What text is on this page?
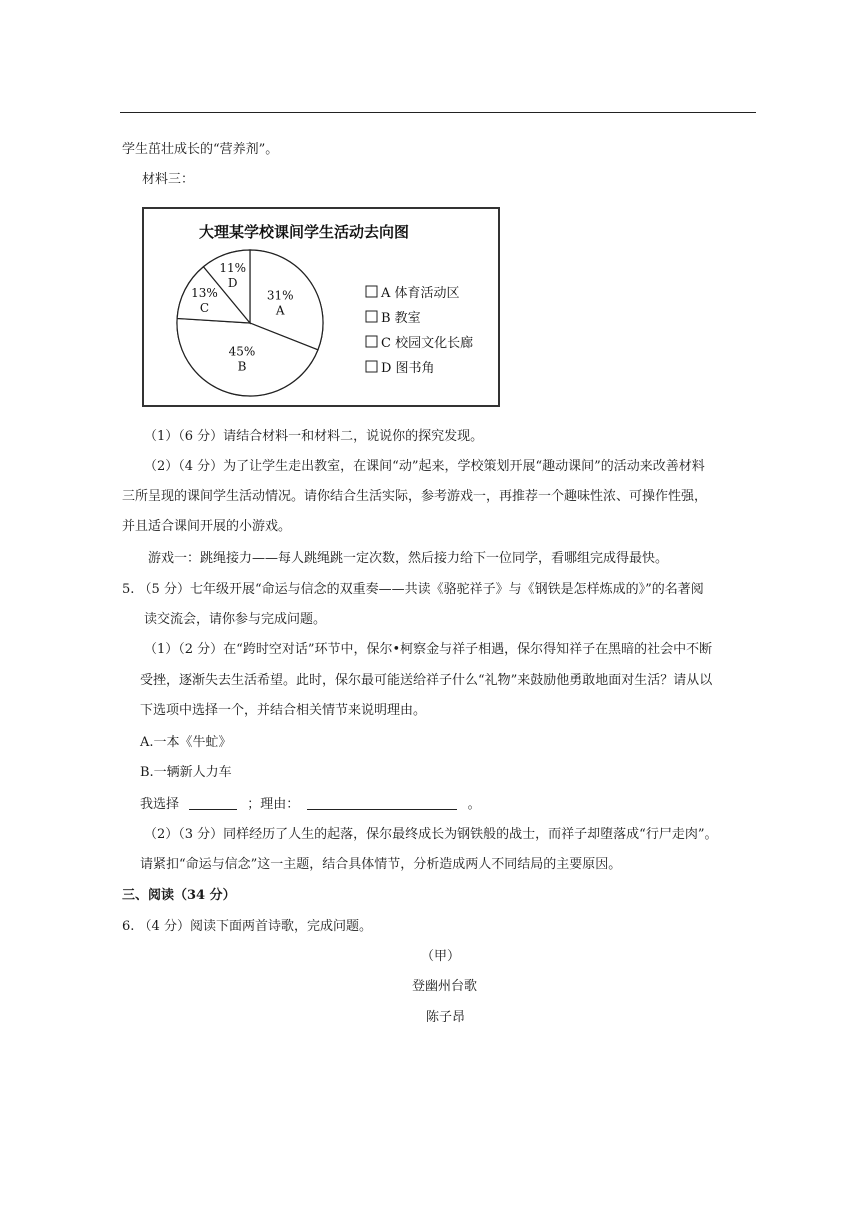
学生茁壮成长的“营养剂”。
材料三：
大理某学校课间学生活动去向图
31%
A
45%
B
13%
C
11%
D
A 体育活动区
B 教室
C 校园文化长廊
D 图书角
（1）（6 分）请结合材料一和材料二，说说你的探究发现。
（2）（4 分）为了让学生走出教室，在课间“动”起来，学校策划开展“趣动课间”的活动来改善材料
三所呈现的课间学生活动情况。请你结合生活实际，参考游戏一，再推荐一个趣味性浓、可操作性强，
并且适合课间开展的小游戏。
游戏一：跳绳接力——每人跳绳跳一定次数，然后接力给下一位同学，看哪组完成得最快。
5. （5 分）七年级开展“命运与信念的双重奏——共读《骆驼祥子》与《钢铁是怎样炼成的》”的名著阅
读交流会，请你参与完成问题。
（1）（2 分）在“跨时空对话”环节中，保尔•柯察金与祥子相遇，保尔得知祥子在黑暗的社会中不断
受挫，逐渐失去生活希望。此时，保尔最可能送给祥子什么“礼物”来鼓励他勇敢地面对生活？请从以
下选项中选择一个，并结合相关情节来说明理由。
A.一本《牛虻》
B.一辆新人力车
我选择	；理由：	。
（2）（3 分）同样经历了人生的起落，保尔最终成长为钢铁般的战士，而祥子却堕落成“行尸走肉”。
请紧扣“命运与信念”这一主题，结合具体情节，分析造成两人不同结局的主要原因。
三、阅读（34 分）
6. （4 分）阅读下面两首诗歌，完成问题。
（甲）
登幽州台歌
陈子昂
